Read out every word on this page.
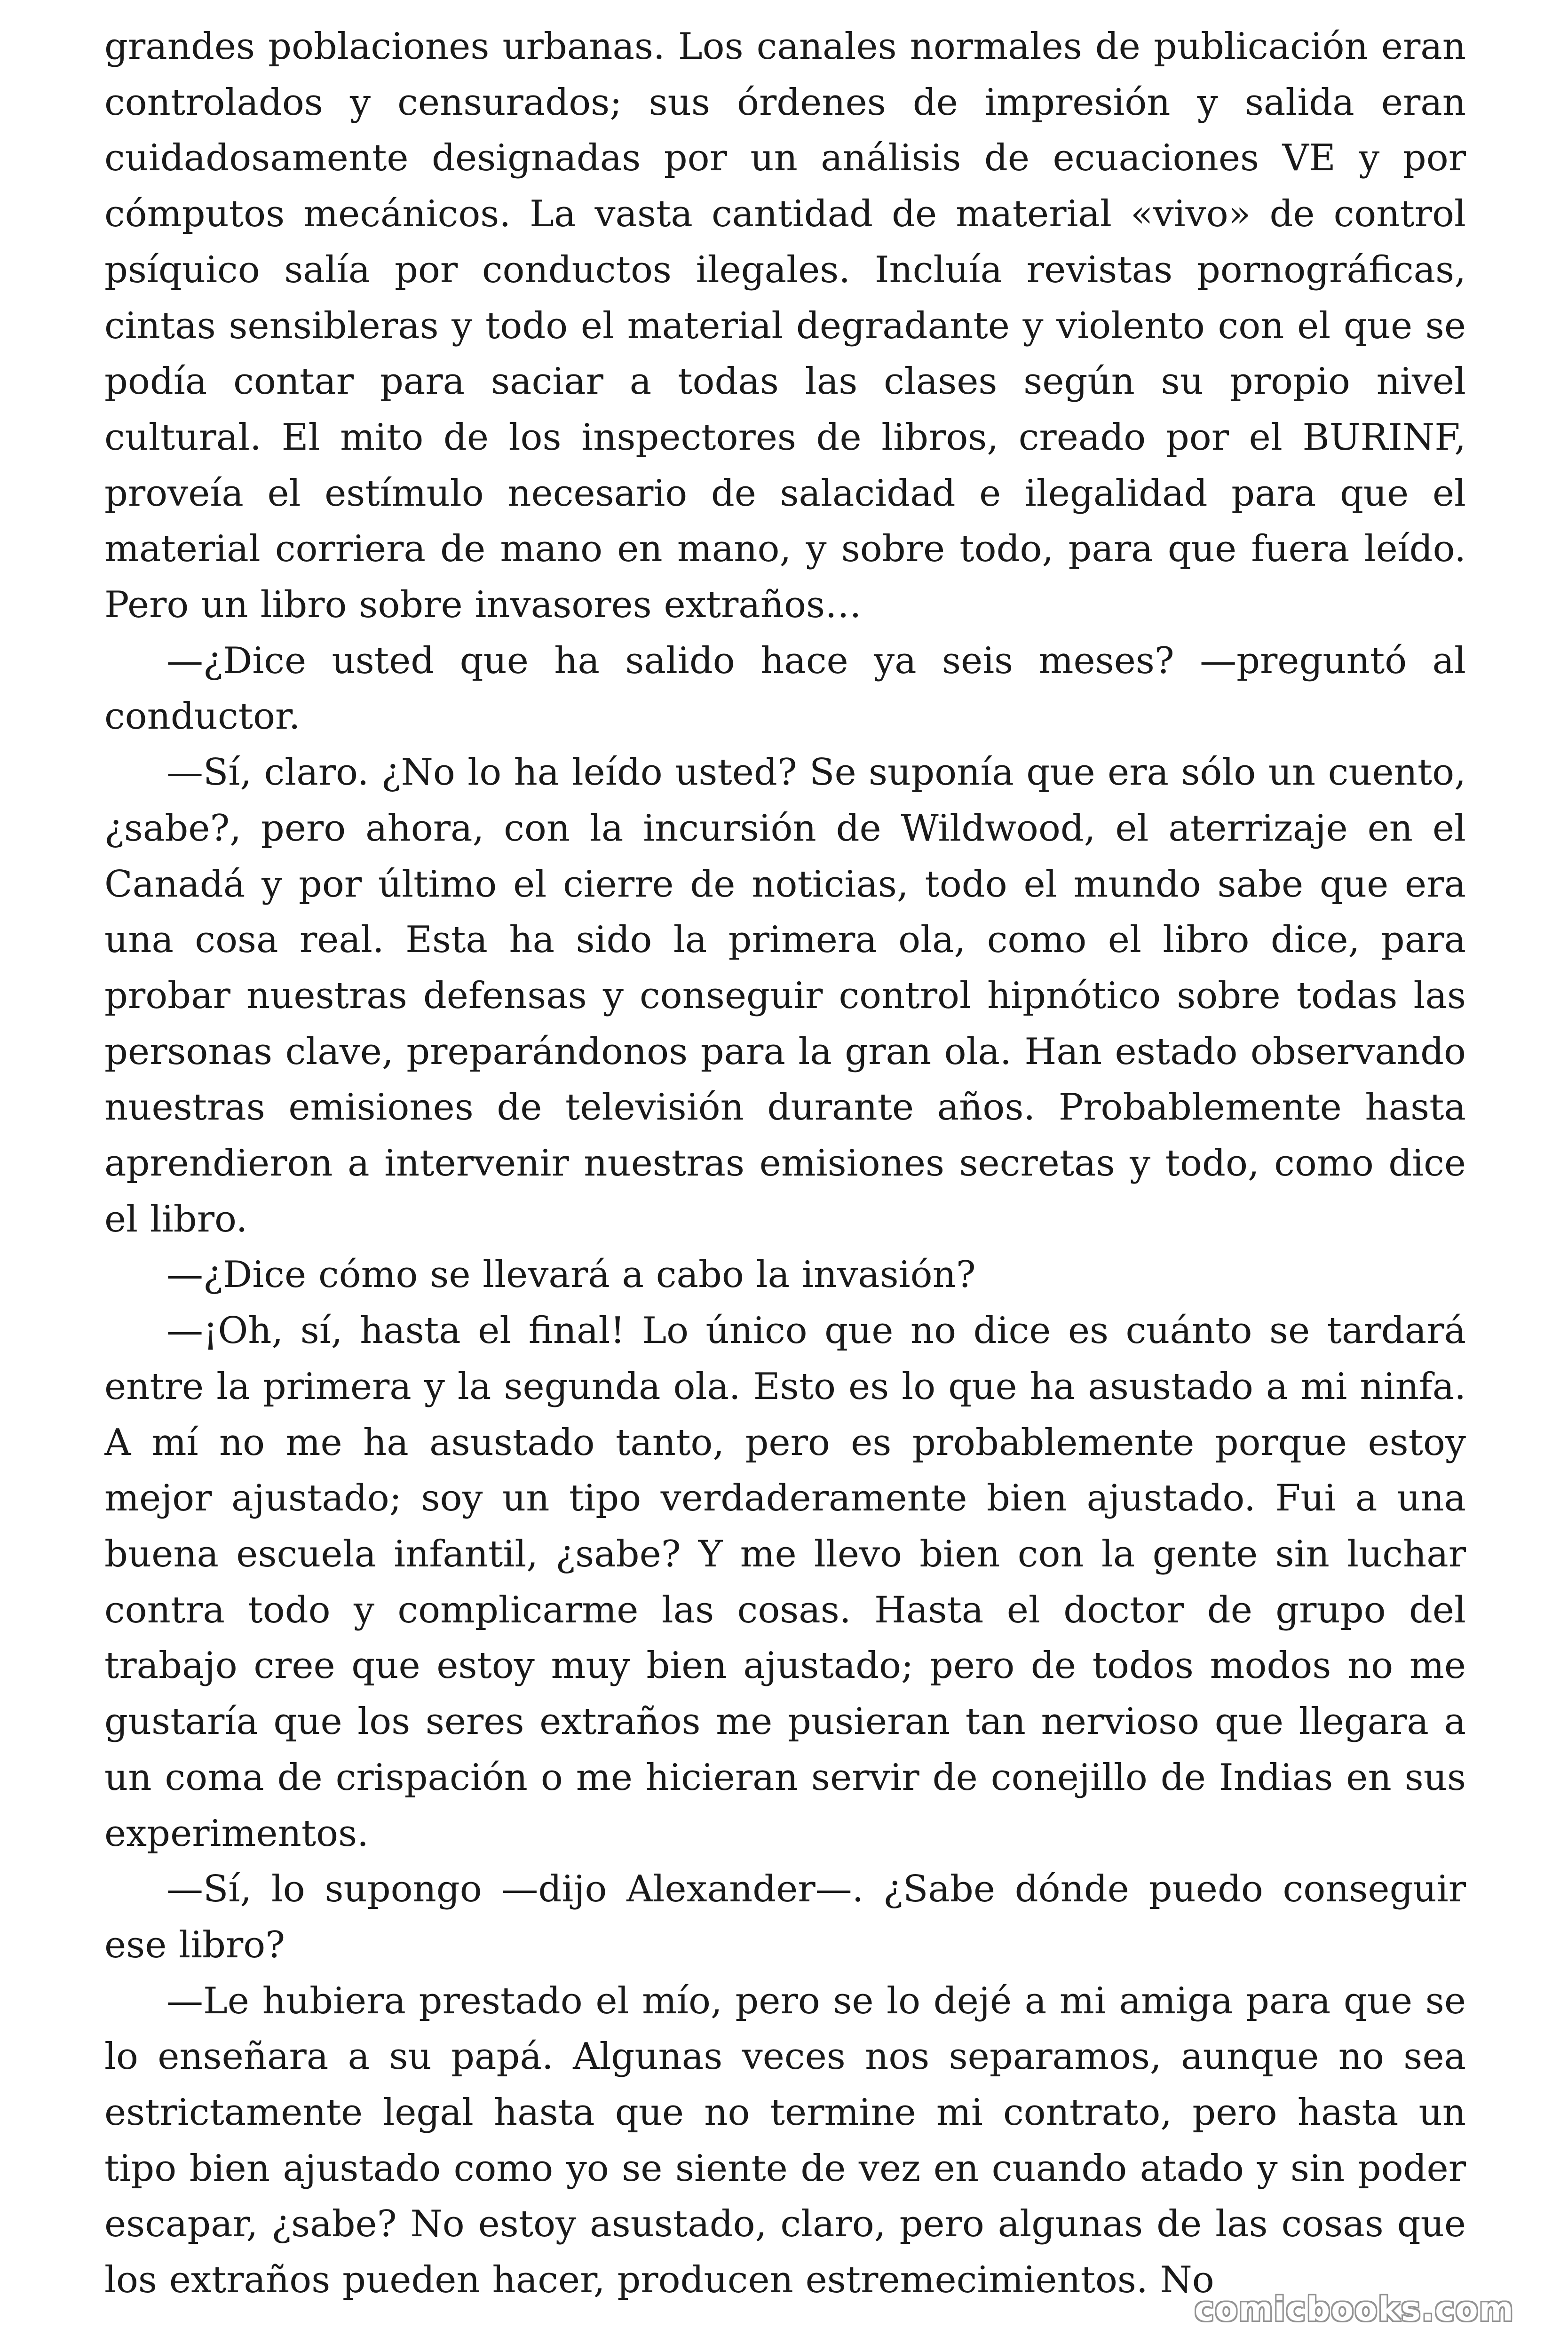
grandes poblaciones urbanas. Los canales normales de publicación eran controlados y censurados; sus órdenes de impresión y salida eran cuidadosamente designadas por un análisis de ecuaciones VE y por cómputos mecánicos. La vasta cantidad de material «vivo» de control psíquico salía por conductos ilegales. Incluía revistas pornográficas, cintas sensibleras y todo el material degradante y violento con el que se podía contar para saciar a todas las clases según su propio nivel cultural. El mito de los inspectores de libros, creado por el BURINF, proveía el estímulo necesario de salacidad e ilegalidad para que el material corriera de mano en mano, y sobre todo, para que fuera leído. Pero un libro sobre invasores extraños…

—¿Dice usted que ha salido hace ya seis meses? —preguntó al conductor.

—Sí, claro. ¿No lo ha leído usted? Se suponía que era sólo un cuento, ¿sabe?, pero ahora, con la incursión de Wildwood, el aterrizaje en el Canadá y por último el cierre de noticias, todo el mundo sabe que era una cosa real. Esta ha sido la primera ola, como el libro dice, para probar nuestras defensas y conseguir control hipnótico sobre todas las personas clave, preparándonos para la gran ola. Han estado observando nuestras emisiones de televisión durante años. Probablemente hasta aprendieron a intervenir nuestras emisiones secretas y todo, como dice el libro.

—¿Dice cómo se llevará a cabo la invasión?

—¡Oh, sí, hasta el final! Lo único que no dice es cuánto se tardará entre la primera y la segunda ola. Esto es lo que ha asustado a mi ninfa. A mí no me ha asustado tanto, pero es probablemente porque estoy mejor ajustado; soy un tipo verdaderamente bien ajustado. Fui a una buena escuela infantil, ¿sabe? Y me llevo bien con la gente sin luchar contra todo y complicarme las cosas. Hasta el doctor de grupo del trabajo cree que estoy muy bien ajustado; pero de todos modos no me gustaría que los seres extraños me pusieran tan nervioso que llegara a un coma de crispación o me hicieran servir de conejillo de Indias en sus experimentos.

—Sí, lo supongo —dijo Alexander—. ¿Sabe dónde puedo conseguir ese libro?

—Le hubiera prestado el mío, pero se lo dejé a mi amiga para que se lo enseñara a su papá. Algunas veces nos separamos, aunque no sea estrictamente legal hasta que no termine mi contrato, pero hasta un tipo bien ajustado como yo se siente de vez en cuando atado y sin poder escapar, ¿sabe? No estoy asustado, claro, pero algunas de las cosas que los extraños pueden hacer, producen estremecimientos. No

comicbooks.com
